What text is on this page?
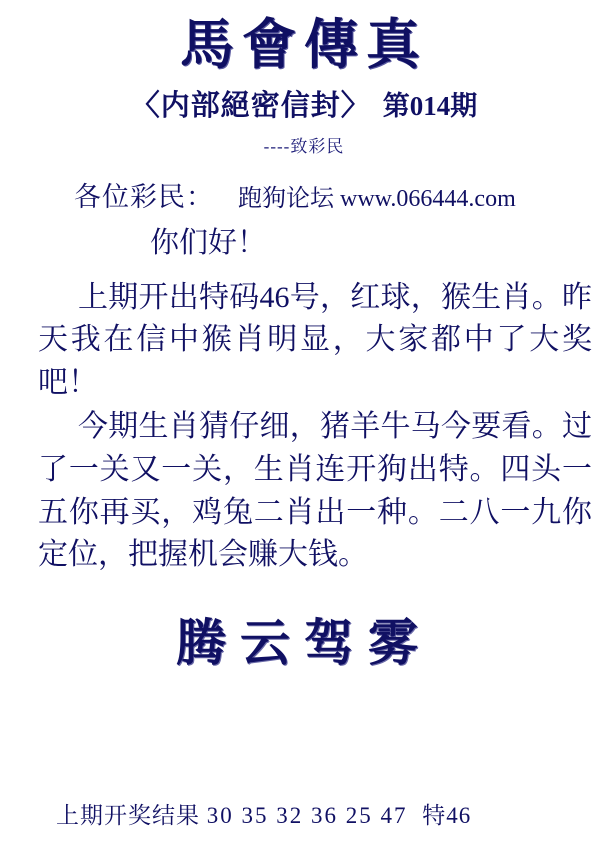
馬會傳真
〈内部絕密信封〉 第014期
----致彩民
各位彩民： 跑狗论坛 www.066444.com
你们好！

上期开出特码46号，红球，猴生肖。昨天我在信中猴肖明显，大家都中了大奖吧！

今期生肖猜仔细，猪羊牛马今要看。过了一关又一关，生肖连开狗出特。四头一五你再买，鸡兔二肖出一种。二八一九你定位，把握机会赚大钱。

腾云驾雾
上期开奖结果 30 35 32 36 25 47 特46
